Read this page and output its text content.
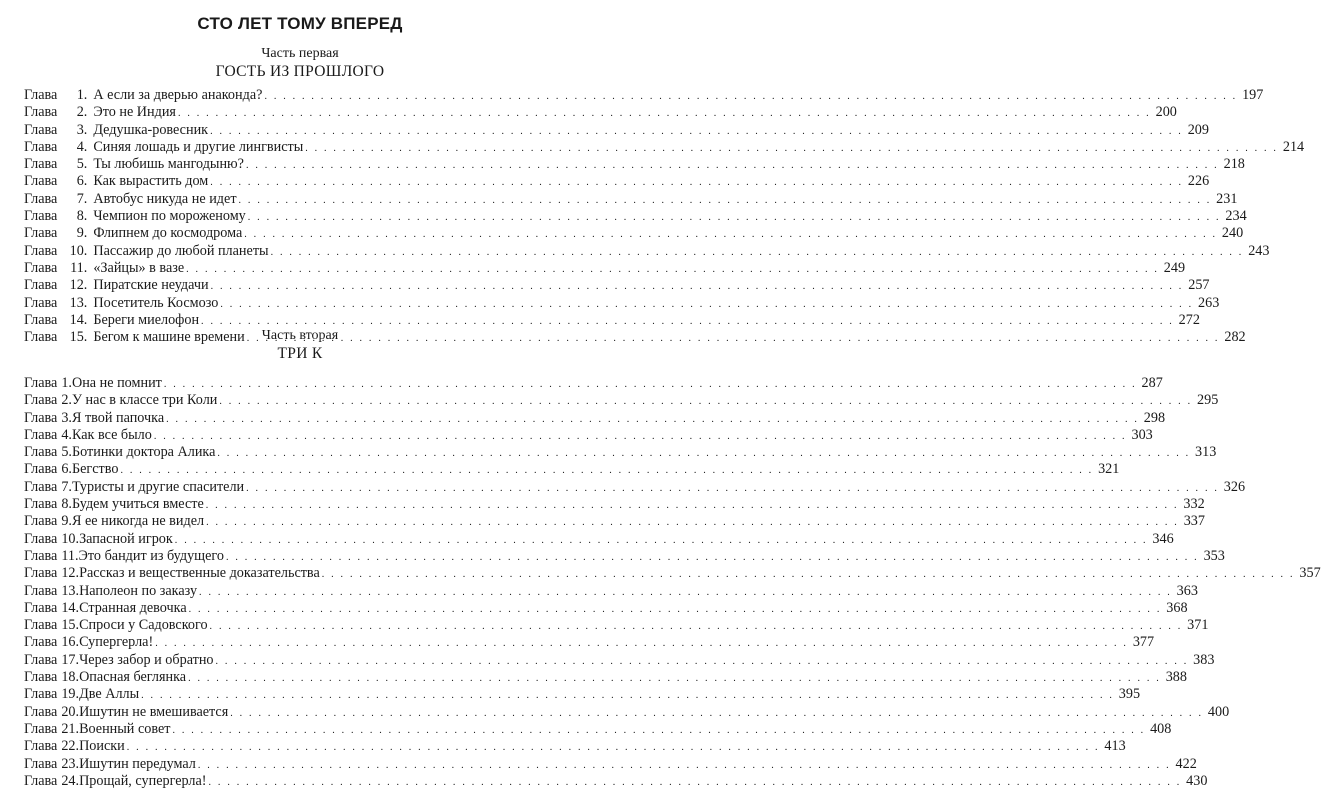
СТО ЛЕТ ТОМУ ВПЕРЕД
Часть первая
ГОСТЬ ИЗ ПРОШЛОГО
Глава	1. А если за дверью анаконда? . . .	197
Глава	2. Это не Индия . . .	200
Глава	3. Дедушка-ровесник . . .	209
Глава	4. Синяя лошадь и другие лингвисты . . .	214
Глава	5. Ты любишь мангодыню? . . .	218
Глава	6. Как вырастить дом . . .	226
Глава	7. Автобус никуда не идет . . .	231
Глава	8. Чемпион по мороженому . . .	234
Глава	9. Флипнем до космодрома . . .	240
Глава 10. Пассажир до любой планеты . . .	243
Глава 11. «Зайцы» в вазе . . .	249
Глава 12. Пиратские неудачи . . .	257
Глава 13. Посетитель Космозо . . .	263
Глава 14. Береги миелофон . . .	272
Глава 15. Бегом к машине времени . . .	282
Часть вторая
ТРИ К
Глава 1. Она не помнит . . .	287
Глава 2. У нас в классе три Коли . . .	295
Глава 3. Я твой папочка . . .	298
Глава 4. Как все было . . .	303
Глава 5. Ботинки доктора Алика . . .	313
Глава 6. Бегство . . .	321
Глава 7. Туристы и другие спасители . . .	326
Глава 8. Будем учиться вместе . . .	332
Глава 9. Я ее никогда не видел . . .	337
Глава 10. Запасной игрок . . .	346
Глава 11. Это бандит из будущего . . .	353
Глава 12. Рассказ и вещественные доказательства . . .	357
Глава 13. Наполеон по заказу . . .	363
Глава 14. Странная девочка . . .	368
Глава 15. Спроси у Садовского . . .	371
Глава 16. Супергерла! . . .	377
Глава 17. Через забор и обратно . . .	383
Глава 18. Опасная беглянка . . .	388
Глава 19. Две Аллы . . .	395
Глава 20. Ишутин не вмешивается . . .	400
Глава 21. Военный совет . . .	408
Глава 22. Поиски . . .	413
Глава 23. Ишутин передумал . . .	422
Глава 24. Прощай, супергерла! . . .	430
